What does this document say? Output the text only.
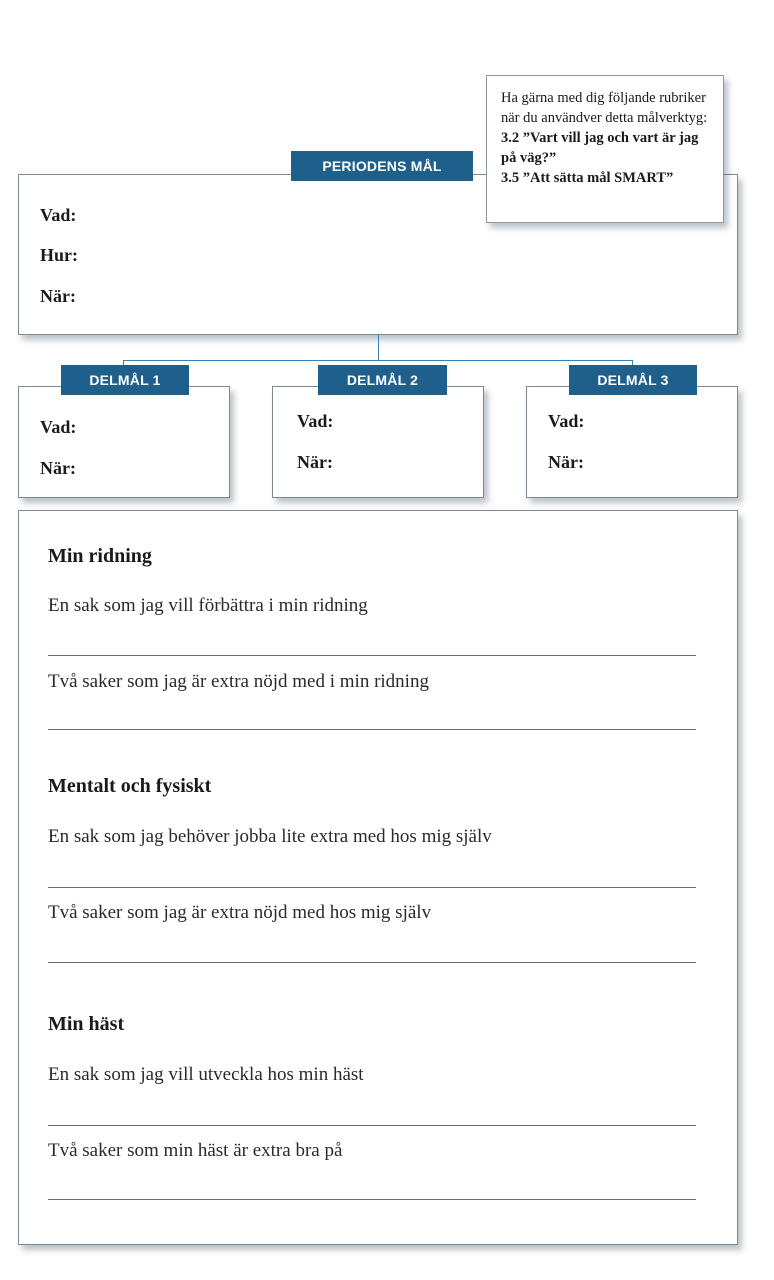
PERIODENS MÅL
Vad:
Hur:
När:
Ha gärna med dig följande rubriker när du användver detta målverktyg:
3.2 ”Vart vill jag och vart är jag på väg?”
3.5 ”Att sätta mål SMART”
DELMÅL 1
Vad:
När:
DELMÅL 2
Vad:
När:
DELMÅL 3
Vad:
När:
Min ridning
En sak som jag vill förbättra i min ridning
Två saker som jag är extra nöjd med i min ridning
Mentalt och fysiskt
En sak som jag behöver jobba lite extra med hos mig själv
Två saker som jag är extra nöjd med hos mig själv
Min häst
En sak som jag vill utveckla hos min häst
Två saker som min häst är extra bra på
